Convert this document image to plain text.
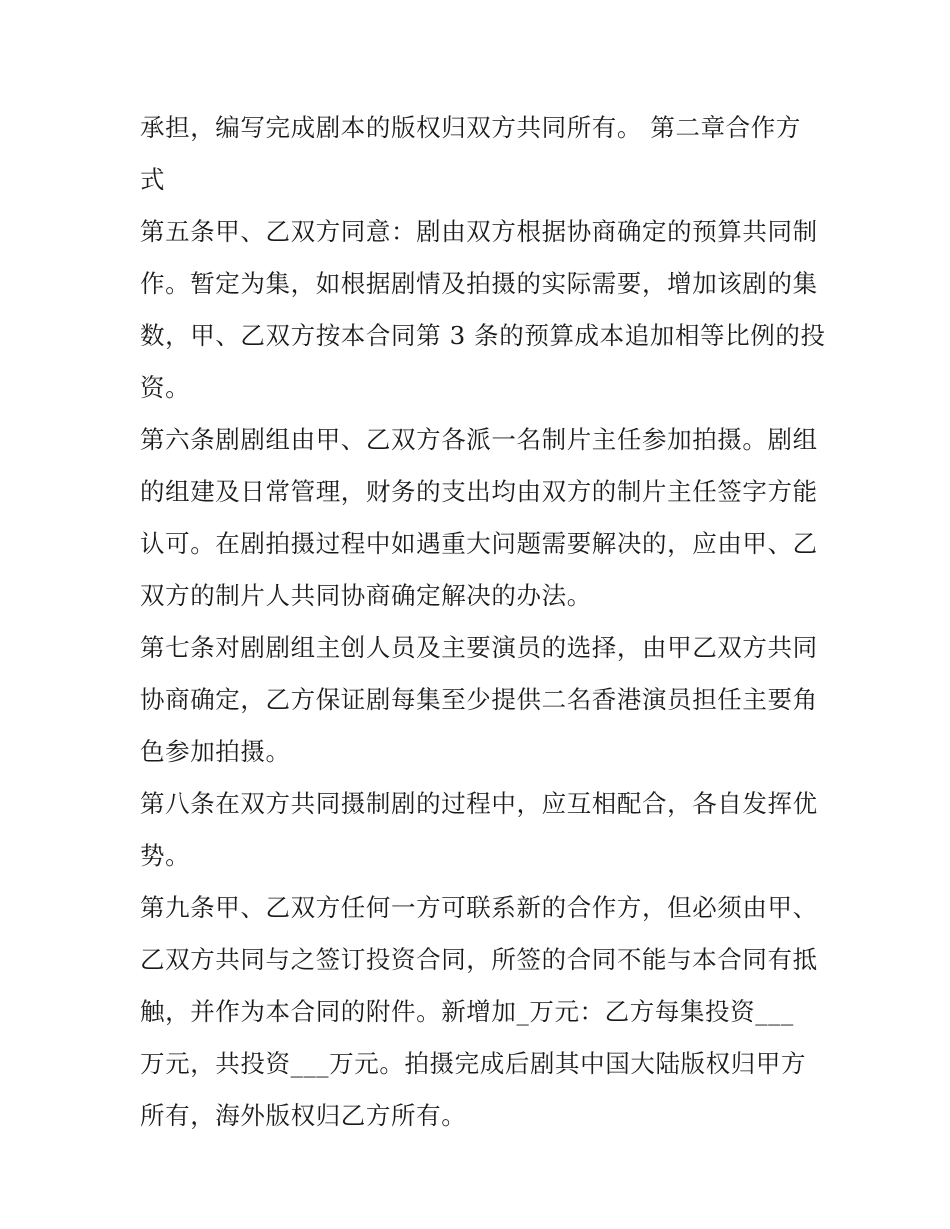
承担，编写完成剧本的版权归双方共同所有。 第二章合作方
式
第五条甲、乙双方同意：剧由双方根据协商确定的预算共同制
作。暂定为集，如根据剧情及拍摄的实际需要，增加该剧的集
数，甲、乙双方按本合同第 3 条的预算成本追加相等比例的投
资。
第六条剧剧组由甲、乙双方各派一名制片主任参加拍摄。剧组
的组建及日常管理，财务的支出均由双方的制片主任签字方能
认可。在剧拍摄过程中如遇重大问题需要解决的，应由甲、乙
双方的制片人共同协商确定解决的办法。
第七条对剧剧组主创人员及主要演员的选择，由甲乙双方共同
协商确定，乙方保证剧每集至少提供二名香港演员担任主要角
色参加拍摄。
第八条在双方共同摄制剧的过程中，应互相配合，各自发挥优
势。
第九条甲、乙双方任何一方可联系新的合作方，但必须由甲、
乙双方共同与之签订投资合同，所签的合同不能与本合同有抵
触，并作为本合同的附件。新增加_万元：乙方每集投资___
万元，共投资___万元。拍摄完成后剧其中国大陆版权归甲方
所有，海外版权归乙方所有。
